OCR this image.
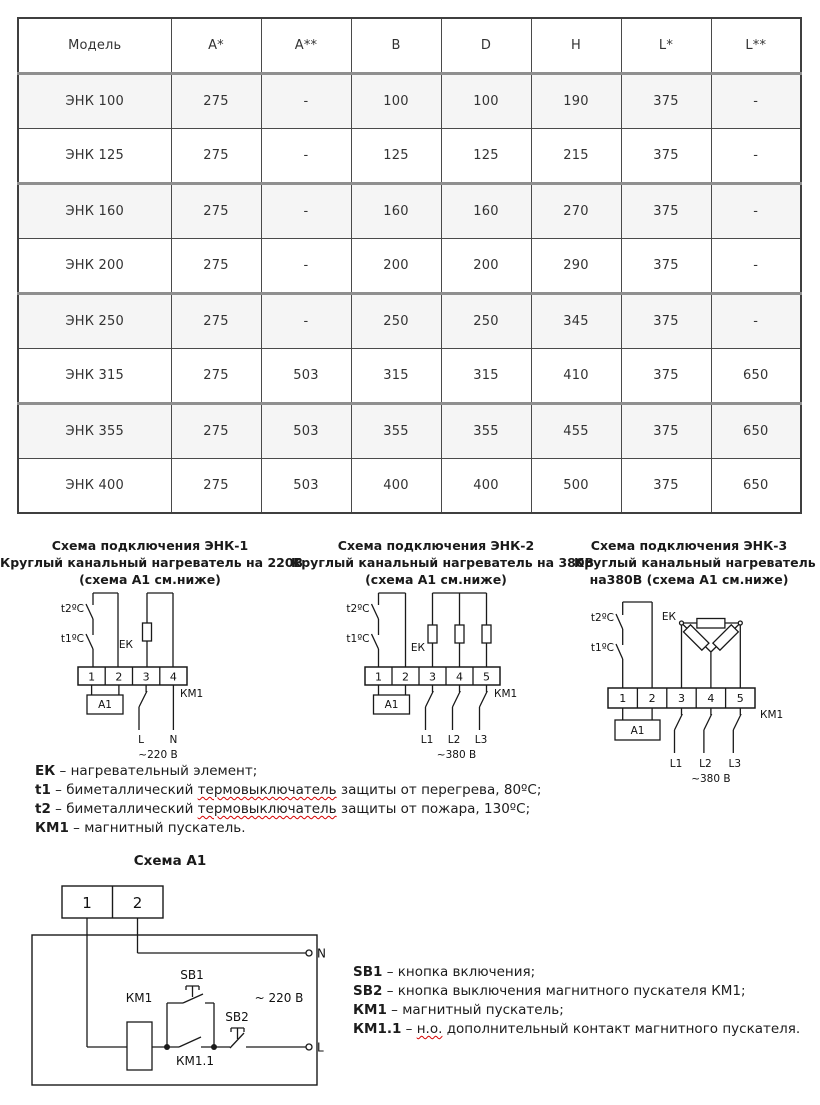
Модель	A*	A**	B	D	H	L*	L**
ЭНК 100	275	-	100	100	190	375	-
ЭНК 125	275	-	125	125	215	375	-
ЭНК 160	275	-	160	160	270	375	-
ЭНК 200	275	-	200	200	290	375	-
ЭНК 250	275	-	250	250	345	375	-
ЭНК 315	275	503	315	315	410	375	650
ЭНК 355	275	503	355	355	455	375	650
ЭНК 400	275	503	400	400	500	375	650
Схема подключения ЭНК-1
Круглый канальный нагреватель на 220В
(схема А1 см.ниже)
Схема подключения ЭНК-2
Круглый канальный нагреватель на 380В
(схема А1 см.ниже)
Схема подключения ЭНК-3
Круглый канальный нагреватель
на380В (схема А1 см.ниже)
t2ºС
t1ºС	ЕК
КМ1
1 2 3 4
А1
L N
~220 В
t2ºС
t1ºС
ЕК
КМ1
1 2 3 4 5
А1
L1 L2 L3
~380 В
t2ºС
t1ºС
ЕК
КМ1
1 2 3 4 5
А1
L1 L2 L3
~380 В
ЕК – нагревательный элемент;
t1 – биметаллический термовыключатель защиты от перегрева, 80ºС;
t2 – биметаллический термовыключатель защиты от пожара, 130ºС;
КМ1 – магнитный пускатель.
Схема А1
1	2
N
L
КМ1
КМ1.1
SB1
SB2
~ 220 В
SB1 – кнопка включения;
SB2 – кнопка выключения магнитного пускателя КМ1;
КМ1 – магнитный пускатель;
КМ1.1 – н.о. дополнительный контакт магнитного пускателя.
